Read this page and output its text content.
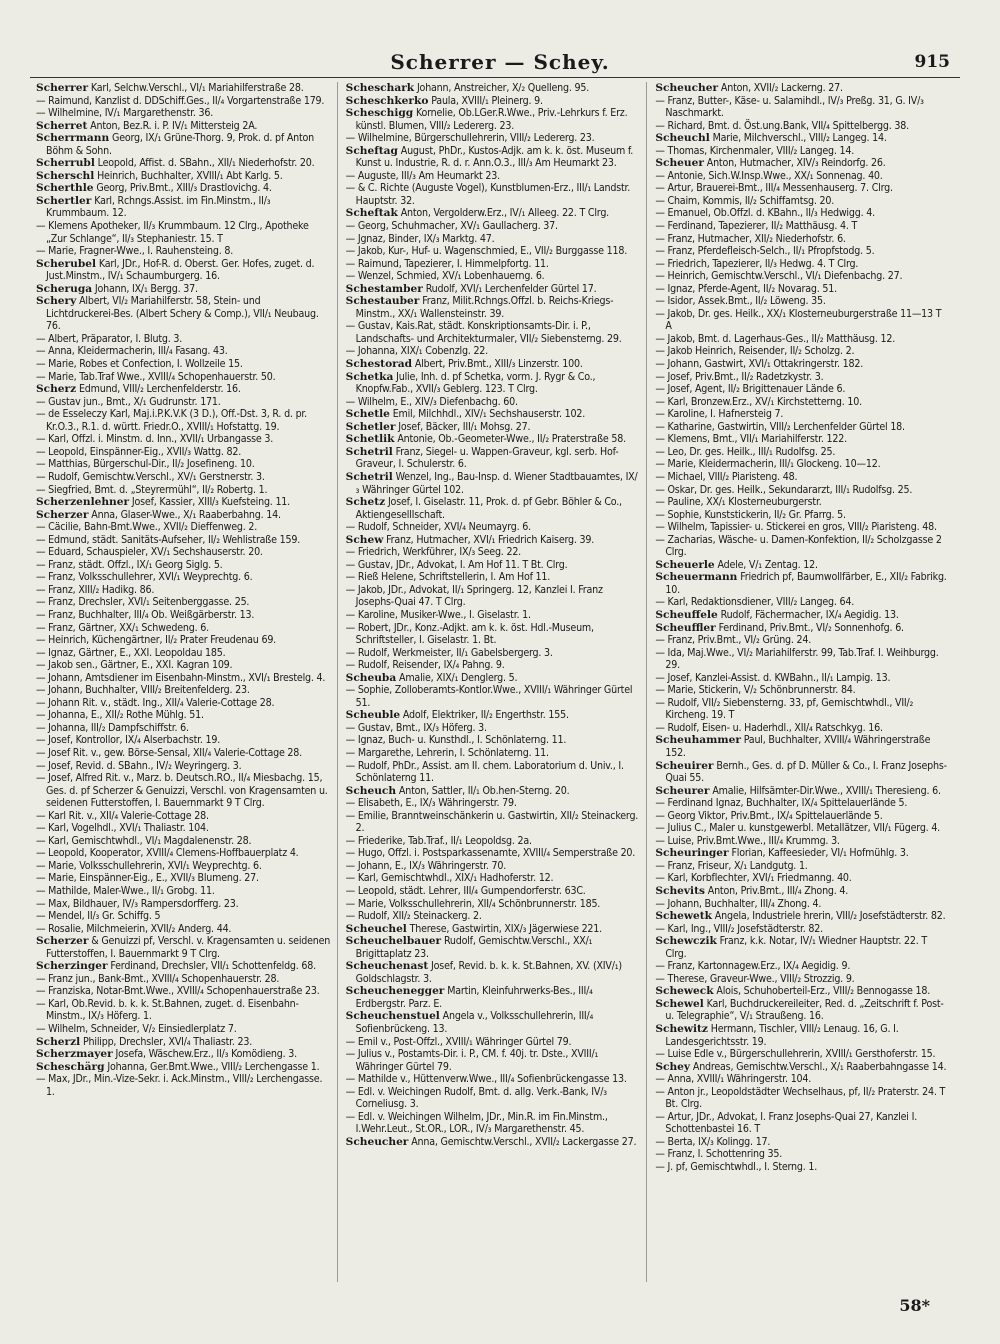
Scherrer — Schey.	915

Scherrer Karl, Selchw.Verschl., VI/₁ Mariahilferstraße 28.

— Raimund, Kanzlist d. DDSchiff.Ges., II/₄ Vorgartenstraße 179.

— Wilhelmine, IV/₁ Margarethenstr. 36.

Scherret Anton, Bez.R. i. P. IV/₁ Mittersteig 2A.

Scherrmann Georg, IX/₁ Grüne-Thorg. 9, Prok. d. pf Anton Böhm & Sohn.

Scherrubl Leopold, Affist. d. SBahn., XII/₁ Niederhofstr. 20.

Scherschl Heinrich, Buchhalter, XVIII/₁ Abt Karlg. 5.

Scherthle Georg, Priv.Bmt., XIII/₃ Drastlovichg. 4.

Schertler Karl, Rchngs.Assist. im Fin.Minstm., II/₃ Krummbaum. 12.

— Klemens Apotheker, II/₃ Krummbaum. 12 Clrg., Apotheke „Zur Schlange“, II/₃ Stephaniestr. 15. T

— Marie, Fragner-Wwe., I. Rauhensteing. 8.

Scherubel Karl, JDr., Hof-R. d. Oberst. Ger. Hofes, zuget. d. Just.Minstm., IV/₁ Schaumburgerg. 16.

Scheruga Johann, IX/₁ Bergg. 37.

Schery Albert, VI/₂ Mariahilferstr. 58, Stein- und Lichtdruckerei-Bes. (Albert Schery & Comp.), VII/₁ Neubaug. 76.

— Albert, Präparator, I. Blutg. 3.

— Anna, Kleidermacherin, III/₄ Fasang. 43.

— Marie, Robes et Confection, I. Wollzeile 15.

— Marie, Tab.Traf Wwe., XVIII/₄ Schopenhauerstr. 50.

Scherz Edmund, VIII/₂ Lerchenfelderstr. 16.

— Gustav jun., Bmt., X/₁ Gudrunstr. 171.

— de Esseleczy Karl, Maj.i.P.K.V.K (3 D.), Off.-Dst. 3, R. d. pr. Kr.O.3., R.1. d. württ. Friedr.O., XVIII/₁ Hofstattg. 19.

— Karl, Offzl. i. Minstm. d. Inn., XVII/₁ Urbangasse 3.

— Leopold, Einspänner-Eig., XVII/₃ Wattg. 82.

— Matthias, Bürgerschul-Dir., II/₂ Josefineng. 10.

— Rudolf, Gemischtw.Verschl., XV/₁ Gerstnerstr. 3.

— Siegfried, Bmt. d. „Steyrermühl“, II/₂ Robertg. 1.

Scherzenlehner Josef, Kassier, XIII/₃ Kuefsteing. 11.

Scherzer Anna, Glaser-Wwe., X/₁ Raaberbahng. 14.

— Cäcilie, Bahn-Bmt.Wwe., XVII/₂ Dieffenweg. 2.

— Edmund, städt. Sanitäts-Aufseher, II/₂ Wehlistraße 159.

— Eduard, Schauspieler, XV/₁ Sechshauserstr. 20.

— Franz, städt. Offzl., IX/₁ Georg Siglg. 5.

— Franz, Volksschullehrer, XVI/₁ Weyprechtg. 6.

— Franz, XIII/₂ Hadikg. 86.

— Franz, Drechsler, XVI/₁ Seitenberggasse. 25.

— Franz, Buchhalter, III/₄ Ob. Weißgärberstr. 13.

— Franz, Gärtner, XX/₁ Schwedeng. 6.

— Heinrich, Küchengärtner, II/₂ Prater Freudenau 69.

— Ignaz, Gärtner, E., XXI. Leopoldau 185.

— Jakob sen., Gärtner, E., XXI. Kagran 109.

— Johann, Amtsdiener im Eisenbahn-Minstm., XVI/₁ Brestelg. 4.

— Johann, Buchhalter, VIII/₂ Breitenfelderg. 23.

— Johann Rit. v., städt. Ing., XII/₄ Valerie-Cottage 28.

— Johanna, E., XII/₂ Rothe Mühlg. 51.

— Johanna, III/₂ Dampfschiffstr. 6.

— Josef, Kontrollor, IX/₄ Alserbachstr. 19.

— Josef Rit. v., gew. Börse-Sensal, XII/₄ Valerie-Cottage 28.

— Josef, Revid. d. SBahn., IV/₂ Weyringerg. 3.

— Josef, Alfred Rit. v., Marz. b. Deutsch.RO., II/₄ Miesbachg. 15, Ges. d. pf Scherzer & Genuizzi, Verschl. von Kragensamten u. seidenen Futterstoffen, I. Bauernmarkt 9 T Clrg.

— Karl Rit. v., XII/₄ Valerie-Cottage 28.

— Karl, Vogelhdl., XVI/₁ Thaliastr. 104.

— Karl, Gemischtwhdl., VI/₁ Magdalenenstr. 28.

— Leopold, Kooperator, XVIII/₄ Clemens-Hoffbauerplatz 4.

— Marie, Volksschullehrerin, XVI/₁ Weyprechtg. 6.

— Marie, Einspänner-Eig., E., XVII/₃ Blumeng. 27.

— Mathilde, Maler-Wwe., II/₁ Grobg. 11.

— Max, Bildhauer, IV/₃ Rampersdorfferg. 23.

— Mendel, II/₃ Gr. Schiffg. 5

— Rosalie, Milchmeierin, XVII/₂ Anderg. 44.

Scherzer & Genuizzi pf, Verschl. v. Kragensamten u. seidenen Futterstoffen, I. Bauernmarkt 9 T Clrg.

Scherzinger Ferdinand, Drechsler, VII/₁ Schottenfeldg. 68.

— Franz jun., Bank-Bmt., XVIII/₄ Schopenhauerstr. 28.

— Franziska, Notar-Bmt.Wwe., XVIII/₄ Schopenhauerstraße 23.

— Karl, Ob.Revid. b. k. k. St.Bahnen, zuget. d. Eisenbahn-Minstm., IX/₃ Höferg. 1.

— Wilhelm, Schneider, V/₂ Einsiedlerplatz 7.

Scherzl Philipp, Drechsler, XVI/₄ Thaliastr. 23.

Scherzmayer Josefa, Wäschew.Erz., II/₃ Komödieng. 3.

Scheschärg Johanna, Ger.Bmt.Wwe., VIII/₂ Lerchengasse 1.

— Max, JDr., Min.-Vize-Sekr. i. Ack.Minstm., VIII/₂ Lerchengasse. 1.

Scheschark Johann, Anstreicher, X/₂ Quelleng. 95.

Scheschkerko Paula, XVIII/₁ Pleinerg. 9.

Scheschigg Kornelie, Ob.LGer.R.Wwe., Priv.-Lehrkurs f. Erz. künstl. Blumen, VIII/₂ Ledererg. 23.

— Wilhelmine, Bürgerschullehrerin, VIII/₂ Ledererg. 23.

Scheftag August, PhDr., Kustos-Adjk. am k. k. öst. Museum f. Kunst u. Industrie, R. d. r. Ann.O.3., III/₃ Am Heumarkt 23.

— Auguste, III/₃ Am Heumarkt 23.

— & C. Richte (Auguste Vogel), Kunstblumen-Erz., III/₁ Landstr. Hauptstr. 32.

Scheftak Anton, Vergolderw.Erz., IV/₁ Alleeg. 22. T Clrg.

— Georg, Schuhmacher, XV/₁ Gaullacherg. 37.

— Jgnaz, Binder, IX/₃ Marktg. 47.

— Jakob, Kur-, Huf- u. Wagenschmied, E., VII/₂ Burggasse 118.

— Raimund, Tapezierer, I. Himmelpfortg. 11.

— Wenzel, Schmied, XV/₁ Lobenhauerng. 6.

Schestamber Rudolf, XVI/₁ Lerchenfelder Gürtel 17.

Schestauber Franz, Milit.Rchngs.Offzl. b. Reichs-Kriegs-Minstm., XX/₁ Wallensteinstr. 39.

— Gustav, Kais.Rat, städt. Konskriptionsamts-Dir. i. P., Landschafts- und Architekturmaler, VII/₂ Siebensterng. 29.

— Johanna, XIX/₁ Cobenzlg. 22.

Schestorad Albert, Priv.Bmt., XIII/₃ Linzerstr. 100.

Schetka Julie, Inh. d. pf Schetka, vorm. J. Rygr & Co., Knopfw.Fab., XVII/₃ Geblerg. 123. T Clrg.

— Wilhelm, E., XIV/₃ Diefenbachg. 60.

Schetle Emil, Milchhdl., XIV/₁ Sechshauserstr. 102.

Schetler Josef, Bäcker, III/₁ Mohsg. 27.

Schetlik Antonie, Ob.-Geometer-Wwe., II/₂ Praterstraße 58.

Schetril Franz, Siegel- u. Wappen-Graveur, kgl. serb. Hof-Graveur, I. Schulerstr. 6.

Schetril Wenzel, Ing., Bau-Insp. d. Wiener Stadtbauamtes, IX/₃ Währinger Gürtel 102.

Schetz Josef, I. Giselastr. 11, Prok. d. pf Gebr. Böhler & Co., AktiengesellIschaft.

— Rudolf, Schneider, XVI/₄ Neumayrg. 6.

Schew Franz, Hutmacher, XVI/₁ Friedrich Kaiserg. 39.

— Friedrich, Werkführer, IX/₃ Seeg. 22.

— Gustav, JDr., Advokat, I. Am Hof 11. T Bt. Clrg.

— Rieß Helene, Schriftstellerin, I. Am Hof 11.

— Jakob, JDr., Advokat, II/₁ Springerg. 12, Kanzlei I. Franz Josephs-Quai 47. T Clrg.

— Karoline, Musiker-Wwe., I. Giselastr. 1.

— Robert, JDr., Konz.-Adjkt. am k. k. öst. Hdl.-Museum, Schriftsteller, I. Giselastr. 1. Bt.

— Rudolf, Werkmeister, II/₁ Gabelsbergerg. 3.

— Rudolf, Reisender, IX/₄ Pahng. 9.

Scheuba Amalie, XIX/₁ Denglerg. 5.

— Sophie, Zolloberamts-Kontlor.Wwe., XVIII/₁ Währinger Gürtel 51.

Scheuble Adolf, Elektriker, II/₂ Engerthstr. 155.

— Gustav, Bmt., IX/₃ Höferg. 3.

— Ignaz, Buch- u. Kunsthdl., I. Schönlaterng. 11.

— Margarethe, Lehrerin, I. Schönlaterng. 11.

— Rudolf, PhDr., Assist. am II. chem. Laboratorium d. Univ., I. Schönlaterng 11.

Scheuch Anton, Sattler, II/₁ Ob.hen-Sterng. 20.

— Elisabeth, E., IX/₃ Währingerstr. 79.

— Emilie, Branntweinschänkerin u. Gastwirtin, XII/₂ Steinackerg. 2.

— Friederike, Tab.Traf., II/₁ Leopoldsg. 2a.

— Hugo, Offzl. i. Postsparkassenamte, XVIII/₄ Semperstraße 20.

— Johann, E., IX/₃ Währingerstr. 70.

— Karl, Gemischtwhdl., XIX/₁ Hadhoferstr. 12.

— Leopold, städt. Lehrer, III/₄ Gumpendorferstr. 63C.

— Marie, Volksschullehrerin, XII/₄ Schönbrunnerstr. 185.

— Rudolf, XII/₂ Steinackerg. 2.

Scheuchel Therese, Gastwirtin, XIX/₃ Jägerwiese 221.

Scheuchelbauer Rudolf, Gemischtw.Verschl., XX/₁ Brigittaplatz 23.

Scheuchenast Josef, Revid. b. k. k. St.Bahnen, XV. (XIV/₁) Goldschlagstr. 3.

Scheuchenegger Martin, Kleinfuhrwerks-Bes., III/₄ Erdbergstr. Parz. E.

Scheuchenstuel Angela v., Volksschullehrerin, III/₄ Sofienbrückeng. 13.

— Emil v., Post-Offzl., XVIII/₁ Währinger Gürtel 79.

— Julius v., Postamts-Dir. i. P., CM. f. 40j. tr. Dste., XVIII/₁ Währinger Gürtel 79.

— Mathilde v., Hüttenverw.Wwe., III/₄ Sofienbrückengasse 13.

— Edl. v. Weichingen Rudolf, Bmt. d. allg. Verk.-Bank, IV/₃ Corneliusg. 3.

— Edl. v. Weichingen Wilhelm, JDr., Min.R. im Fin.Minstm., I.Wehr.Leut., St.OR., LOR., IV/₃ Margarethenstr. 45.

Scheucher Anna, Gemischtw.Verschl., XVII/₂ Lackergasse 27.

Scheucher Anton, XVII/₂ Lackerng. 27.

— Franz, Butter-, Käse- u. Salamihdl., IV/₃ Preßg. 31, G. IV/₃ Naschmarkt.

— Richard, Bmt. d. Öst.ung.Bank, VII/₄ Spittelbergg. 38.

Scheuchl Marie, Milchverschl., VIII/₂ Langeg. 14.

— Thomas, Kirchenmaler, VIII/₂ Langeg. 14.

Scheuer Anton, Hutmacher, XIV/₃ Reindorfg. 26.

— Antonie, Sich.W.Insp.Wwe., XX/₁ Sonnenag. 40.

— Artur, Brauerei-Bmt., III/₄ Messenhauserg. 7. Clrg.

— Chaim, Kommis, II/₂ Schiffamtsg. 20.

— Emanuel, Ob.Offzl. d. KBahn., II/₃ Hedwigg. 4.

— Ferdinand, Tapezierer, II/₂ Matthäusg. 4. T

— Franz, Hutmacher, XII/₂ Niederhofstr. 6.

— Franz, Pferdefleisch-Selch., II/₁ Pfropfstodg. 5.

— Friedrich, Tapezierer, II/₃ Hedwg. 4. T Clrg.

— Heinrich, Gemischtw.Verschl., VI/₁ Diefenbachg. 27.

— Ignaz, Pferde-Agent, II/₂ Novarag. 51.

— Isidor, Assek.Bmt., II/₂ Löweng. 35.

— Jakob, Dr. ges. Heilk., XX/₁ Klosterneuburgerstraße 11—13 T A

— Jakob, Bmt. d. Lagerhaus-Ges., II/₂ Matthäusg. 12.

— Jakob Heinrich, Reisender, II/₂ Scholzg. 2.

— Johann, Gastwirt, XVI/₁ Ottakringerstr. 182.

— Josef, Priv.Bmt., II/₂ Radetzkystr. 3.

— Josef, Agent, II/₂ Brigittenauer Lände 6.

— Karl, Bronzew.Erz., XV/₁ Kirchstetterng. 10.

— Karoline, I. Hafnersteig 7.

— Katharine, Gastwirtin, VIII/₂ Lerchenfelder Gürtel 18.

— Klemens, Bmt., VII/₁ Mariahilferstr. 122.

— Leo, Dr. ges. Heilk., III/₁ Rudolfsg. 25.

— Marie, Kleidermacherin, III/₁ Glockeng. 10—12.

— Michael, VIII/₂ Piaristeng. 48.

— Oskar, Dr. ges. Heilk., Sekundararzt, III/₁ Rudolfsg. 25.

— Pauline, XX/₁ Klosterneuburgerstr.

— Sophie, Kunststickerin, II/₂ Gr. Pfarrg. 5.

— Wilhelm, Tapissier- u. Stickerei en gros, VIII/₂ Piaristeng. 48.

— Zacharias, Wäsche- u. Damen-Konfektion, II/₂ Scholzgasse 2 Clrg.

Scheuerle Adele, V/₁ Zentag. 12.

Scheuermann Friedrich pf, Baumwollfärber, E., XII/₂ Fabrikg. 10.

— Karl, Redaktionsdiener, VIII/₂ Langeg. 64.

Scheuffele Rudolf, Fächermacher, IX/₄ Aegidig. 13.

Scheuffler Ferdinand, Priv.Bmt., VI/₂ Sonnenhofg. 6.

— Franz, Priv.Bmt., VI/₂ Grüng. 24.

— Ida, Maj.Wwe., VI/₂ Mariahilferstr. 99, Tab.Traf. I. Weihburgg. 29.

— Josef, Kanzlei-Assist. d. KWBahn., II/₁ Lampig. 13.

— Marie, Stickerin, V/₂ Schönbrunnerstr. 84.

— Rudolf, VII/₂ Siebensterng. 33, pf, Gemischtwhdl., VII/₂ Kircheng. 19. T

— Rudolf, Eisen- u. Haderhdl., XII/₄ Ratschkyg. 16.

Scheuhammer Paul, Buchhalter, XVIII/₄ Währingerstraße 152.

Scheuirer Bernh., Ges. d. pf D. Müller & Co., I. Franz Josephs-Quai 55.

Scheurer Amalie, Hilfsämter-Dir.Wwe., XVIII/₁ Theresieng. 6.

— Ferdinand Ignaz, Buchhalter, IX/₄ Spittelauerlände 5.

— Georg Viktor, Priv.Bmt., IX/₄ Spittelauerlände 5.

— Julius C., Maler u. kunstgewerbl. Metallätzer, VII/₁ Fügerg. 4.

— Luise, Priv.Bmt.Wwe., III/₄ Krummg. 3.

Scheuringer Florian, Kaffeesieder, VI/₁ Hofmühlg. 3.

— Franz, Friseur, X/₁ Landgutg. 1.

— Karl, Korbflechter, XVI/₁ Friedmanng. 40.

Schevits Anton, Priv.Bmt., III/₄ Zhong. 4.

— Johann, Buchhalter, III/₄ Zhong. 4.

Schewetk Angela, Industriele hrerin, VIII/₂ Josefstädterstr. 82.

— Karl, Ing., VIII/₂ Josefstädterstr. 82.

Schewczik Franz, k.k. Notar, IV/₁ Wiedner Hauptstr. 22. T Clrg.

— Franz, Kartonnagew.Erz., IX/₄ Aegidig. 9.

— Therese, Graveur-Wwe., VIII/₂ Strozzig. 9.

Scheweck Alois, Schuhoberteil-Erz., VIII/₂ Bennogasse 18.

Schewel Karl, Buchdruckereileiter, Red. d. „Zeitschrift f. Post- u. Telegraphie“, V/₁ Straußeng. 16.

Schewitz Hermann, Tischler, VIII/₂ Lenaug. 16, G. I. Landesgerichtsstr. 19.

— Luise Edle v., Bürgerschullehrerin, XVIII/₁ Gersthoferstr. 15.

Schey Andreas, Gemischtw.Verschl., X/₁ Raaberbahngasse 14.

— Anna, XVIII/₁ Währingerstr. 104.

— Anton jr., Leopoldstädter Wechselhaus, pf, II/₂ Praterstr. 24. T Bt. Clrg.

— Artur, JDr., Advokat, I. Franz Josephs-Quai 27, Kanzlei I. Schottenbastei 16. T

— Berta, IX/₃ Kolingg. 17.

— Franz, I. Schottenring 35.

— J. pf, Gemischtwhdl., I. Sterng. 1.

58*
